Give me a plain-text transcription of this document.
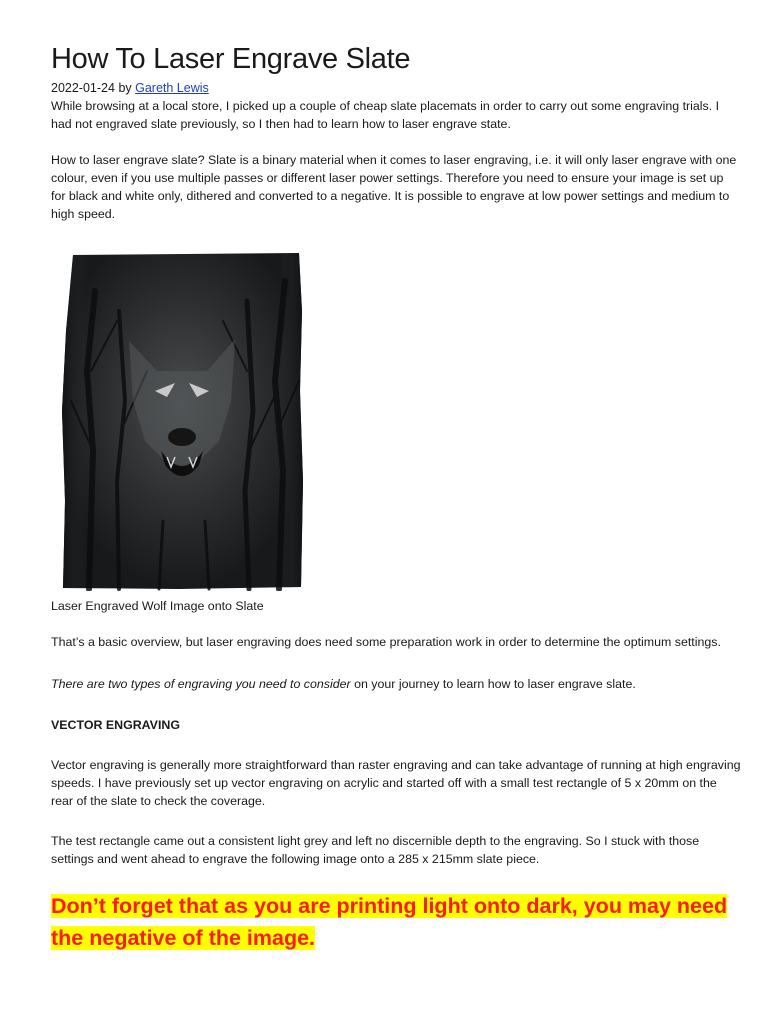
How To Laser Engrave Slate
2022-01-24 by Gareth Lewis

While browsing at a local store, I picked up a couple of cheap slate placemats in order to carry out some engraving trials. I had not engraved slate previously, so I then had to learn how to laser engrave state.

How to laser engrave slate? Slate is a binary material when it comes to laser engraving, i.e. it will only laser engrave with one colour, even if you use multiple passes or different laser power settings. Therefore you need to ensure your image is set up for black and white only, dithered and converted to a negative. It is possible to engrave at low power settings and medium to high speed.

Laser Engraved Wolf Image onto Slate

That’s a basic overview, but laser engraving does need some preparation work in order to determine the optimum settings.

There are two types of engraving you need to consider on your journey to learn how to laser engrave slate.

VECTOR ENGRAVING

Vector engraving is generally more straightforward than raster engraving and can take advantage of running at high engraving speeds. I have previously set up vector engraving on acrylic and started off with a small test rectangle of 5 x 20mm on the rear of the slate to check the coverage.

The test rectangle came out a consistent light grey and left no discernible depth to the engraving. So I stuck with those settings and went ahead to engrave the following image onto a 285 x 215mm slate piece.

Don’t forget that as you are printing light onto dark, you may need the negative of the image.
